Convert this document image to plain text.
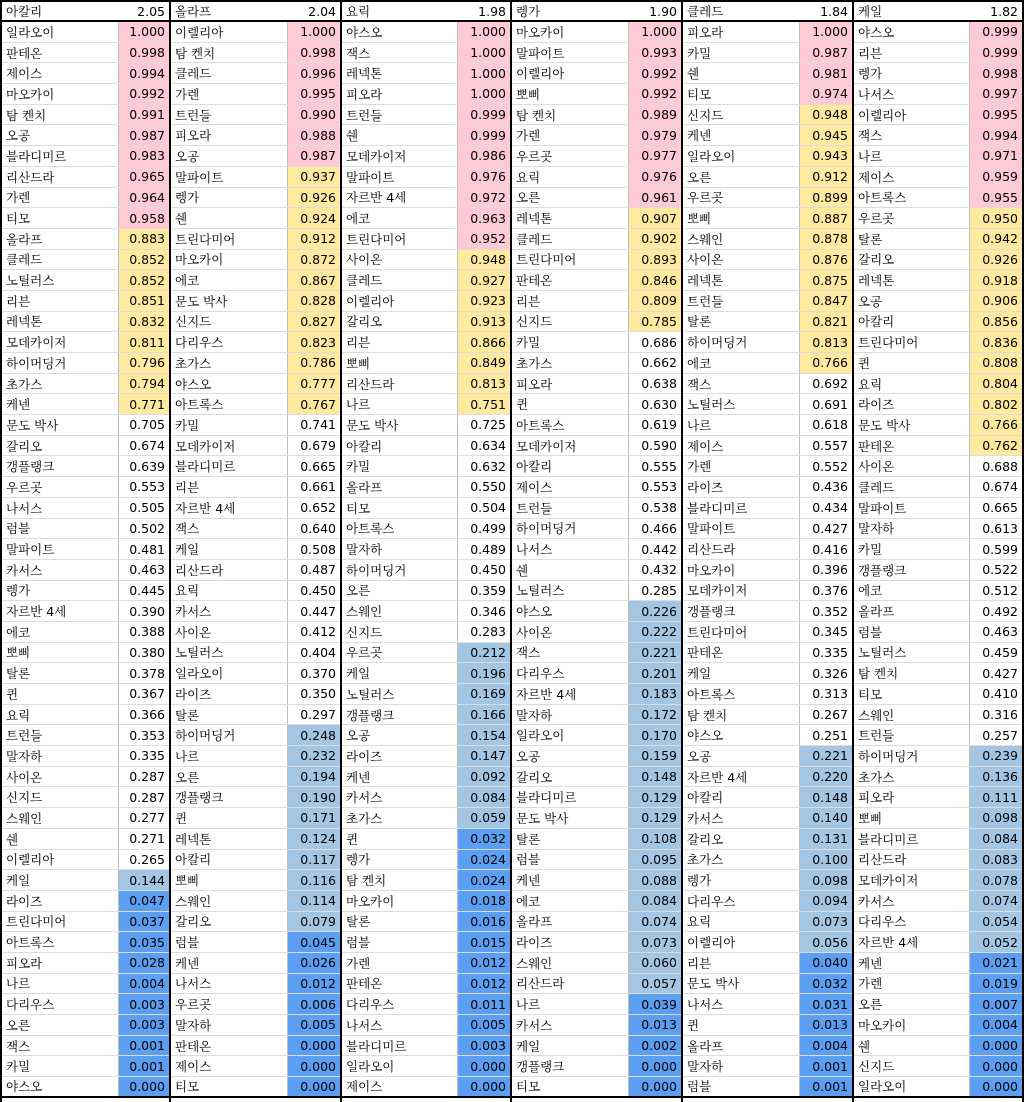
아칼리	2.05
일라오이	1.000
판테온	0.998
제이스	0.994
마오카이	0.992
탐 켄치	0.991
오공	0.987
블라디미르	0.983
리산드라	0.965
가렌	0.964
티모	0.958
올라프	0.883
클레드	0.852
노틸러스	0.852
리븐	0.851
레넥톤	0.832
모데카이저	0.811
하이머딩거	0.796
초가스	0.794
케넨	0.771
문도 박사	0.705
갈리오	0.674
갱플랭크	0.639
우르곳	0.553
나서스	0.505
럼블	0.502
말파이트	0.481
카서스	0.463
렝가	0.445
자르반 4세	0.390
에코	0.388
뽀삐	0.380
탈론	0.378
퀸	0.367
요릭	0.366
트런들	0.353
말자하	0.335
사이온	0.287
신지드	0.287
스웨인	0.277
쉔	0.271
이렐리아	0.265
케일	0.144
라이즈	0.047
트린다미어	0.037
아트록스	0.035
피오라	0.028
나르	0.004
다리우스	0.003
오른	0.003
잭스	0.001
카밀	0.001
야스오	0.000
올라프	2.04
이렐리아	1.000
탐 켄치	0.998
클레드	0.996
가렌	0.995
트런들	0.990
피오라	0.988
오공	0.987
말파이트	0.937
렝가	0.926
쉔	0.924
트린다미어	0.912
마오카이	0.872
에코	0.867
문도 박사	0.828
신지드	0.827
다리우스	0.823
초가스	0.786
야스오	0.777
아트록스	0.767
카밀	0.741
모데카이저	0.679
블라디미르	0.665
리븐	0.661
자르반 4세	0.652
잭스	0.640
케일	0.508
리산드라	0.487
요릭	0.450
카서스	0.447
사이온	0.412
노틸러스	0.404
일라오이	0.370
라이즈	0.350
탈론	0.297
하이머딩거	0.248
나르	0.232
오른	0.194
갱플랭크	0.190
퀸	0.171
레넥톤	0.124
아칼리	0.117
뽀삐	0.116
스웨인	0.114
갈리오	0.079
럼블	0.045
케넨	0.026
나서스	0.012
우르곳	0.006
말자하	0.005
판테온	0.000
제이스	0.000
티모	0.000
요릭	1.98
야스오	1.000
잭스	1.000
레넥톤	1.000
피오라	1.000
트런들	0.999
쉔	0.999
모데카이저	0.986
말파이트	0.976
자르반 4세	0.972
에코	0.963
트린다미어	0.952
사이온	0.948
클레드	0.927
이렐리아	0.923
갈리오	0.913
리븐	0.866
뽀삐	0.849
리산드라	0.813
나르	0.751
문도 박사	0.725
아칼리	0.634
카밀	0.632
올라프	0.550
티모	0.504
아트록스	0.499
말자하	0.489
하이머딩거	0.450
오른	0.359
스웨인	0.346
신지드	0.283
우르곳	0.212
케일	0.196
노틸러스	0.169
갱플랭크	0.166
오공	0.154
라이즈	0.147
케넨	0.092
카서스	0.084
초가스	0.059
퀸	0.032
렝가	0.024
탐 켄치	0.024
마오카이	0.018
탈론	0.016
럼블	0.015
가렌	0.012
판테온	0.012
다리우스	0.011
나서스	0.005
블라디미르	0.003
일라오이	0.000
제이스	0.000
렝가	1.90
마오카이	1.000
말파이트	0.993
이렐리아	0.992
뽀삐	0.992
탐 켄치	0.989
가렌	0.979
우르곳	0.977
요릭	0.976
오른	0.961
레넥톤	0.907
클레드	0.902
트린다미어	0.893
판테온	0.846
리븐	0.809
신지드	0.785
카밀	0.686
초가스	0.662
피오라	0.638
퀸	0.630
아트록스	0.619
모데카이저	0.590
아칼리	0.555
제이스	0.553
트런들	0.538
하이머딩거	0.466
나서스	0.442
쉔	0.432
노틸러스	0.285
야스오	0.226
사이온	0.222
잭스	0.221
다리우스	0.201
자르반 4세	0.183
말자하	0.172
일라오이	0.170
오공	0.159
갈리오	0.148
블라디미르	0.129
문도 박사	0.129
탈론	0.108
럼블	0.095
케넨	0.088
에코	0.084
올라프	0.074
라이즈	0.073
스웨인	0.060
리산드라	0.057
나르	0.039
카서스	0.013
케일	0.002
갱플랭크	0.000
티모	0.000
클레드	1.84
피오라	1.000
카밀	0.987
쉔	0.981
티모	0.974
신지드	0.948
케넨	0.945
일라오이	0.943
오른	0.912
우르곳	0.899
뽀삐	0.887
스웨인	0.878
사이온	0.876
레넥톤	0.875
트런들	0.847
탈론	0.821
하이머딩거	0.813
에코	0.766
잭스	0.692
노틸러스	0.691
나르	0.618
제이스	0.557
가렌	0.552
라이즈	0.436
블라디미르	0.434
말파이트	0.427
리산드라	0.416
마오카이	0.396
모데카이저	0.376
갱플랭크	0.352
트린다미어	0.345
판테온	0.335
케일	0.326
아트록스	0.313
탐 켄치	0.267
야스오	0.251
오공	0.221
자르반 4세	0.220
아칼리	0.148
카서스	0.140
갈리오	0.131
초가스	0.100
렝가	0.098
다리우스	0.094
요릭	0.073
이렐리아	0.056
리븐	0.040
문도 박사	0.032
나서스	0.031
퀸	0.013
올라프	0.004
말자하	0.001
럼블	0.001
케일	1.82
야스오	0.999
리븐	0.999
렝가	0.998
나서스	0.997
이렐리아	0.995
잭스	0.994
나르	0.971
제이스	0.959
아트록스	0.955
우르곳	0.950
탈론	0.942
갈리오	0.926
레넥톤	0.918
오공	0.906
아칼리	0.856
트린다미어	0.836
퀸	0.808
요릭	0.804
라이즈	0.802
문도 박사	0.766
판테온	0.762
사이온	0.688
클레드	0.674
말파이트	0.665
말자하	0.613
카밀	0.599
갱플랭크	0.522
에코	0.512
올라프	0.492
럼블	0.463
노틸러스	0.459
탐 켄치	0.427
티모	0.410
스웨인	0.316
트런들	0.257
하이머딩거	0.239
초가스	0.136
피오라	0.111
뽀삐	0.098
블라디미르	0.084
리산드라	0.083
모데카이저	0.078
카서스	0.074
다리우스	0.054
자르반 4세	0.052
케넨	0.021
가렌	0.019
오른	0.007
마오카이	0.004
쉔	0.000
신지드	0.000
일라오이	0.000
